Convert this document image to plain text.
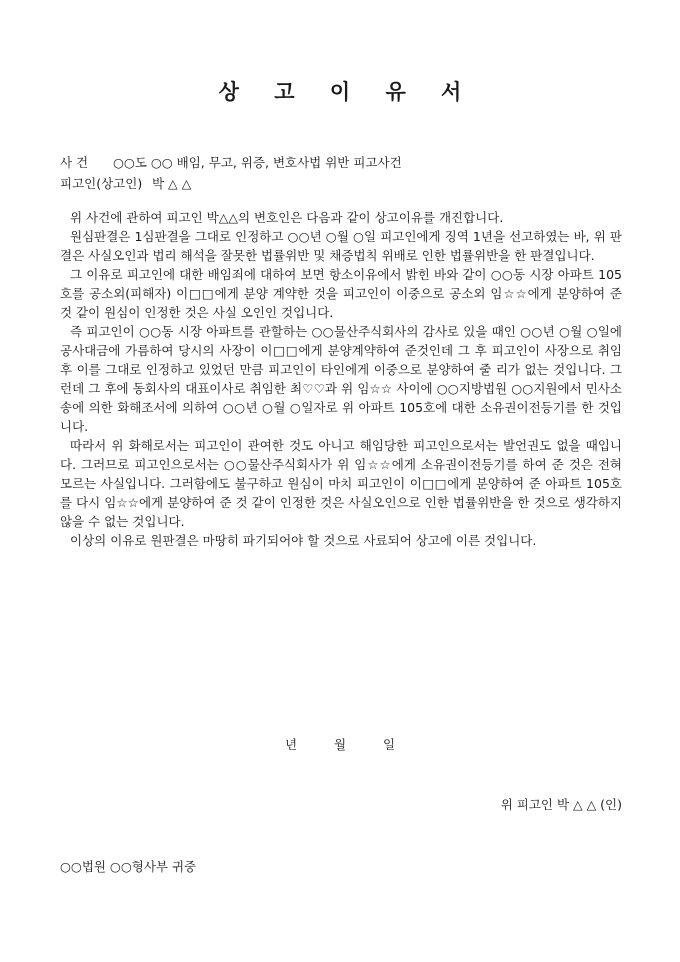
상 고 이 유 서
사 건 ○○도 ○○ 배임, 무고, 위증, 변호사법 위반 피고사건
피고인(상고인) 박 △ △

위 사건에 관하여 피고인 박△△의 변호인은 다음과 같이 상고이유를 개진합니다.

원심판결은 1심판결을 그대로 인정하고 ○○년 ○월 ○일 피고인에게 징역 1년을 선고하였는 바, 위 판결은 사실오인과 법리 해석을 잘못한 법률위반 및 채증법칙 위배로 인한 법률위반을 한 판결입니다.

그 이유로 피고인에 대한 배임죄에 대하여 보면 항소이유에서 밝힌 바와 같이 ○○동 시장 아파트 105호를 공소외(피해자) 이□□에게 분양 계약한 것을 피고인이 이중으로 공소외 임☆☆에게 분양하여 준 것 같이 원심이 인정한 것은 사실 오인인 것입니다.

즉 피고인이 ○○동 시장 아파트를 관할하는 ○○물산주식회사의 감사로 있을 때인 ○○년 ○월 ○일에 공사대금에 가름하여 당시의 사장이 이□□에게 분양계약하여 준것인데 그 후 피고인이 사장으로 취임 후 이를 그대로 인정하고 있었던 만큼 피고인이 타인에게 이중으로 분양하여 줄 리가 없는 것입니다. 그런데 그 후에 동회사의 대표이사로 취임한 최♡♡과 위 임☆☆ 사이에 ○○지방법원 ○○지원에서 민사소송에 의한 화해조서에 의하여 ○○년 ○월 ○일자로 위 아파트 105호에 대한 소유권이전등기를 한 것입니다.

따라서 위 화해로서는 피고인이 관여한 것도 아니고 해임당한 피고인으로서는 발언권도 없을 때입니다. 그러므로 피고인으로서는 ○○물산주식회사가 위 임☆☆에게 소유권이전등기를 하여 준 것은 전혀 모르는 사실입니다. 그러함에도 불구하고 원심이 마치 피고인이 이□□에게 분양하여 준 아파트 105호를 다시 임☆☆에게 분양하여 준 것 같이 인정한 것은 사실오인으로 인한 법률위반을 한 것으로 생각하지 않을 수 없는 것입니다.

이상의 이유로 원판결은 마땅히 파기되어야 할 것으로 사료되어 상고에 이른 것입니다.

년	월	일
위 피고인 박 △ △ (인)
○○법원 ○○형사부 귀중
